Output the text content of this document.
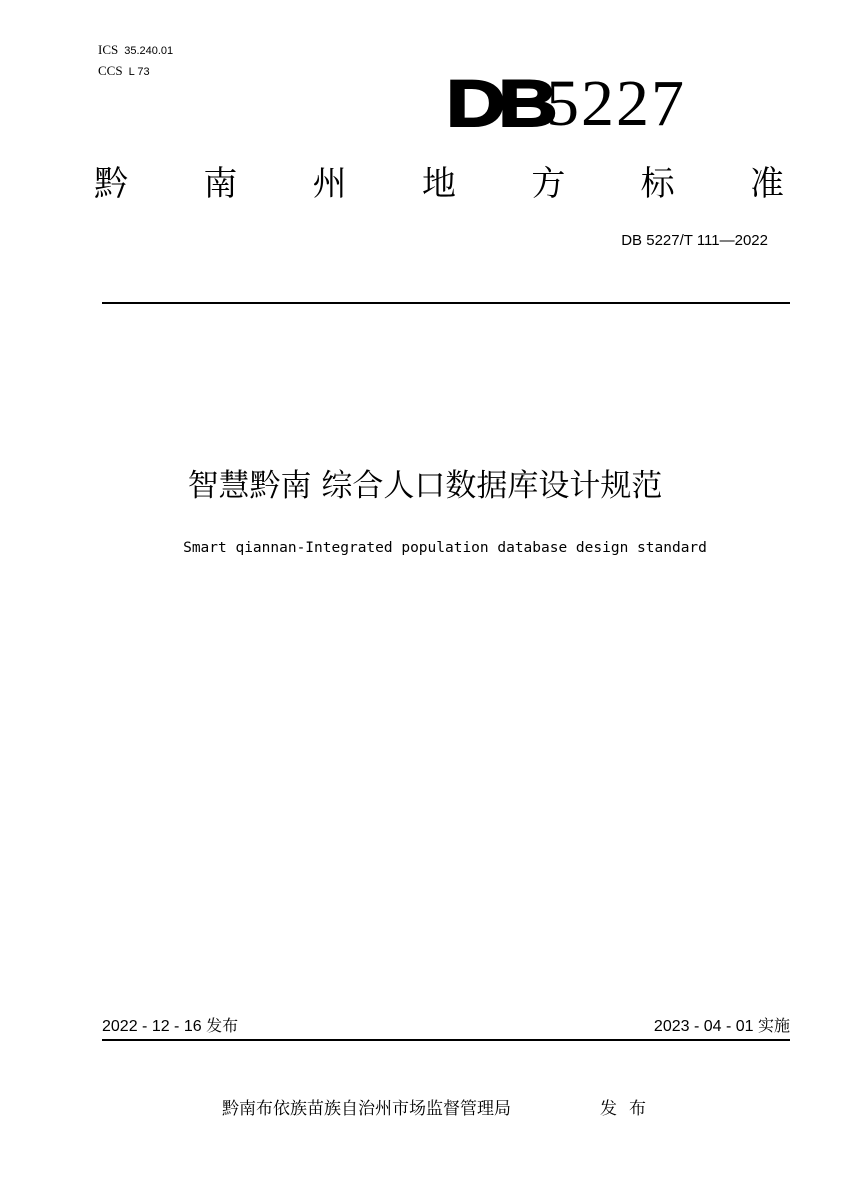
ICS 35.240.01
CCS L 73	DB
5227
黔 南 州 地 方 标 准
DB 5227/T 111—2022
智慧黔南 综合人口数据库设计规范
Smart qiannan-Integrated population database design standard
2022 - 12 - 16 发布	2023 - 04 - 01 实施
黔南布依族苗族自治州市场监督管理局	发布
